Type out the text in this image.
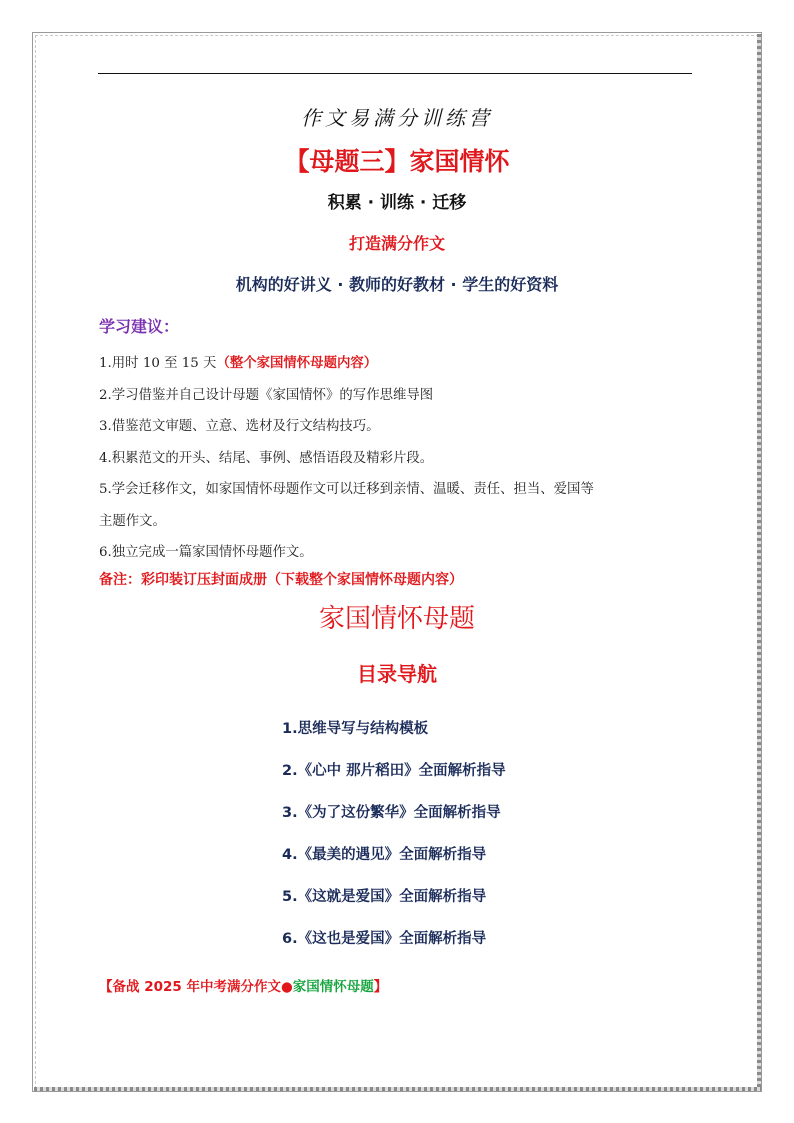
作文易满分训练营
【母题三】家国情怀
积累 · 训练 · 迁移
打造满分作文
机构的好讲义 · 教师的好教材 · 学生的好资料
学习建议：
1.用时 10 至 15 天（整个家国情怀母题内容）
2.学习借鉴并自己设计母题《家国情怀》的写作思维导图
3.借鉴范文审题、立意、选材及行文结构技巧。
4.积累范文的开头、结尾、事例、感悟语段及精彩片段。
5.学会迁移作文，如家国情怀母题作文可以迁移到亲情、温暖、责任、担当、爱国等
主题作文。
6.独立完成一篇家国情怀母题作文。
备注：彩印装订压封面成册（下载整个家国情怀母题内容）
家国情怀母题
目录导航
1.思维导写与结构模板
2.《心中 那片稻田》全面解析指导
3.《为了这份繁华》全面解析指导
4.《最美的遇见》全面解析指导
5.《这就是爱国》全面解析指导
6.《这也是爱国》全面解析指导
【备战 2025 年中考满分作文●家国情怀母题】
